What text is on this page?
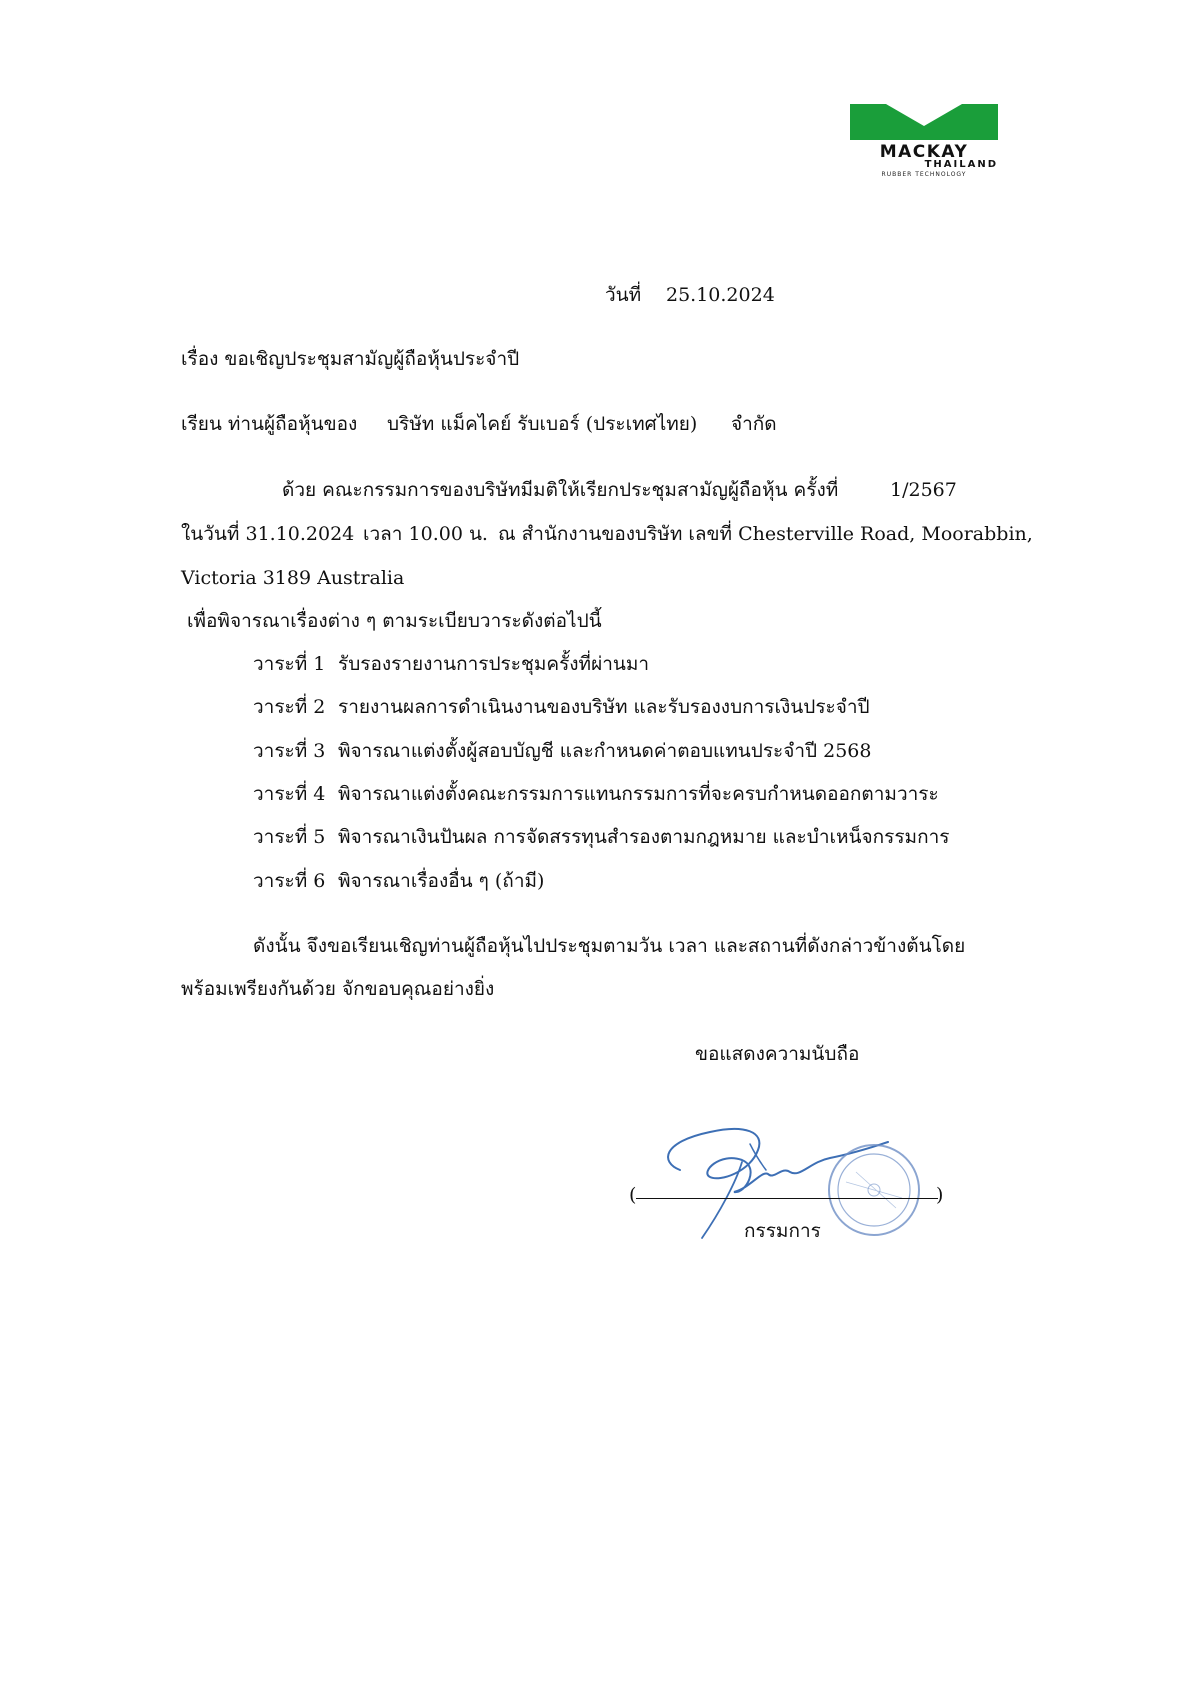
MACKAY
THAILAND
RUBBER TECHNOLOGY
วันที่ 25.10.2024
เรื่อง ขอเชิญประชุมสามัญผู้ถือหุ้นประจำปี
เรียน ท่านผู้ถือหุ้นของ บริษัท แม็คไคย์ รับเบอร์ (ประเทศไทย) จำกัด
ด้วย คณะกรรมการของบริษัทมีมติให้เรียกประชุมสามัญผู้ถือหุ้น ครั้งที่	1/2567
ในวันที่ 31.10.2024 เวลา 10.00 น. ณ สำนักงานของบริษัท เลขที่ Chesterville Road, Moorabbin,
Victoria 3189 Australia
เพื่อพิจารณาเรื่องต่าง ๆ ตามระเบียบวาระดังต่อไปนี้
วาระที่ 1 รับรองรายงานการประชุมครั้งที่ผ่านมา
วาระที่ 2 รายงานผลการดำเนินงานของบริษัท และรับรองงบการเงินประจำปี
วาระที่ 3 พิจารณาแต่งตั้งผู้สอบบัญชี และกำหนดค่าตอบแทนประจำปี 2568
วาระที่ 4 พิจารณาแต่งตั้งคณะกรรมการแทนกรรมการที่จะครบกำหนดออกตามวาระ
วาระที่ 5 พิจารณาเงินปันผล การจัดสรรทุนสำรองตามกฎหมาย และบำเหน็จกรรมการ
วาระที่ 6 พิจารณาเรื่องอื่น ๆ (ถ้ามี)
ดังนั้น จึงขอเรียนเชิญท่านผู้ถือหุ้นไปประชุมตามวัน เวลา และสถานที่ดังกล่าวข้างต้นโดย
พร้อมเพรียงกันด้วย จักขอบคุณอย่างยิ่ง
ขอแสดงความนับถือ
(	)
กรรมการ
